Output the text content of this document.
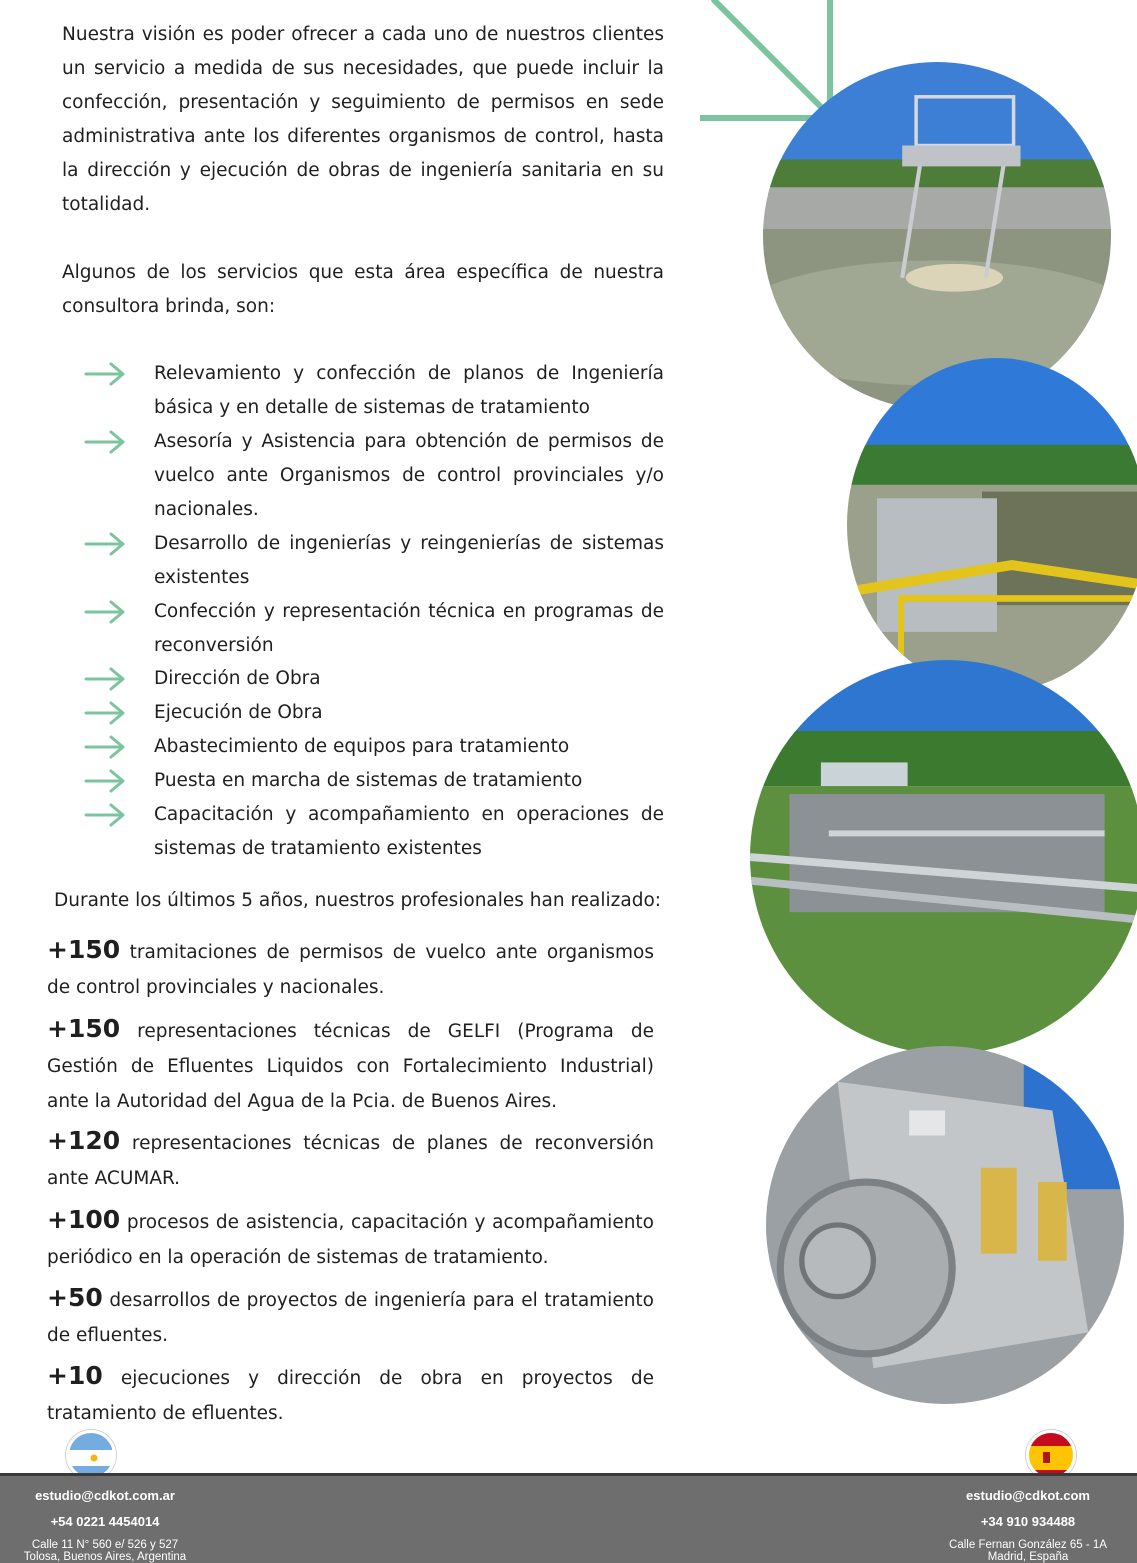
Nuestra visión es poder ofrecer a cada uno de nuestros clientes un servicio a medida de sus necesidades, que puede incluir la confección, presentación y seguimiento de permisos en sede administrativa ante los diferentes organismos de control, hasta la dirección y ejecución de obras de ingeniería sanitaria en su totalidad.

Algunos de los servicios que esta área específica de nuestra consultora brinda, son:

Relevamiento y confección de planos de Ingeniería básica y en detalle de sistemas de tratamiento

Asesoría y Asistencia para obtención de permisos de vuelco ante Organismos de control provinciales y/o nacionales.

Desarrollo de ingenierías y reingenierías de sistemas existentes

Confección y representación técnica en programas de reconversión

Dirección de Obra

Ejecución de Obra

Abastecimiento de equipos para tratamiento

Puesta en marcha de sistemas de tratamiento

Capacitación y acompañamiento en operaciones de sistemas de tratamiento existentes

Durante los últimos 5 años, nuestros profesionales han realizado:

+150 tramitaciones de permisos de vuelco ante organismos de control provinciales y nacionales.

+150 representaciones técnicas de GELFI (Programa de Gestión de Efluentes Liquidos con Fortalecimiento Industrial) ante la Autoridad del Agua de la Pcia. de Buenos Aires.

+120 representaciones técnicas de planes de reconversión ante ACUMAR.

+100 procesos de asistencia, capacitación y acompañamiento periódico en la operación de sistemas de tratamiento.

+50 desarrollos de proyectos de ingeniería para el tratamiento de efluentes.

+10 ejecuciones y dirección de obra en proyectos de tratamiento de efluentes.

estudio@cdkot.com.ar
+54 0221 4454014
Calle 11 N° 560 e/ 526 y 527
Tolosa, Buenos Aires, Argentina
estudio@cdkot.com
+34 910 934488
Calle Fernan González 65 - 1A
Madrid, España
